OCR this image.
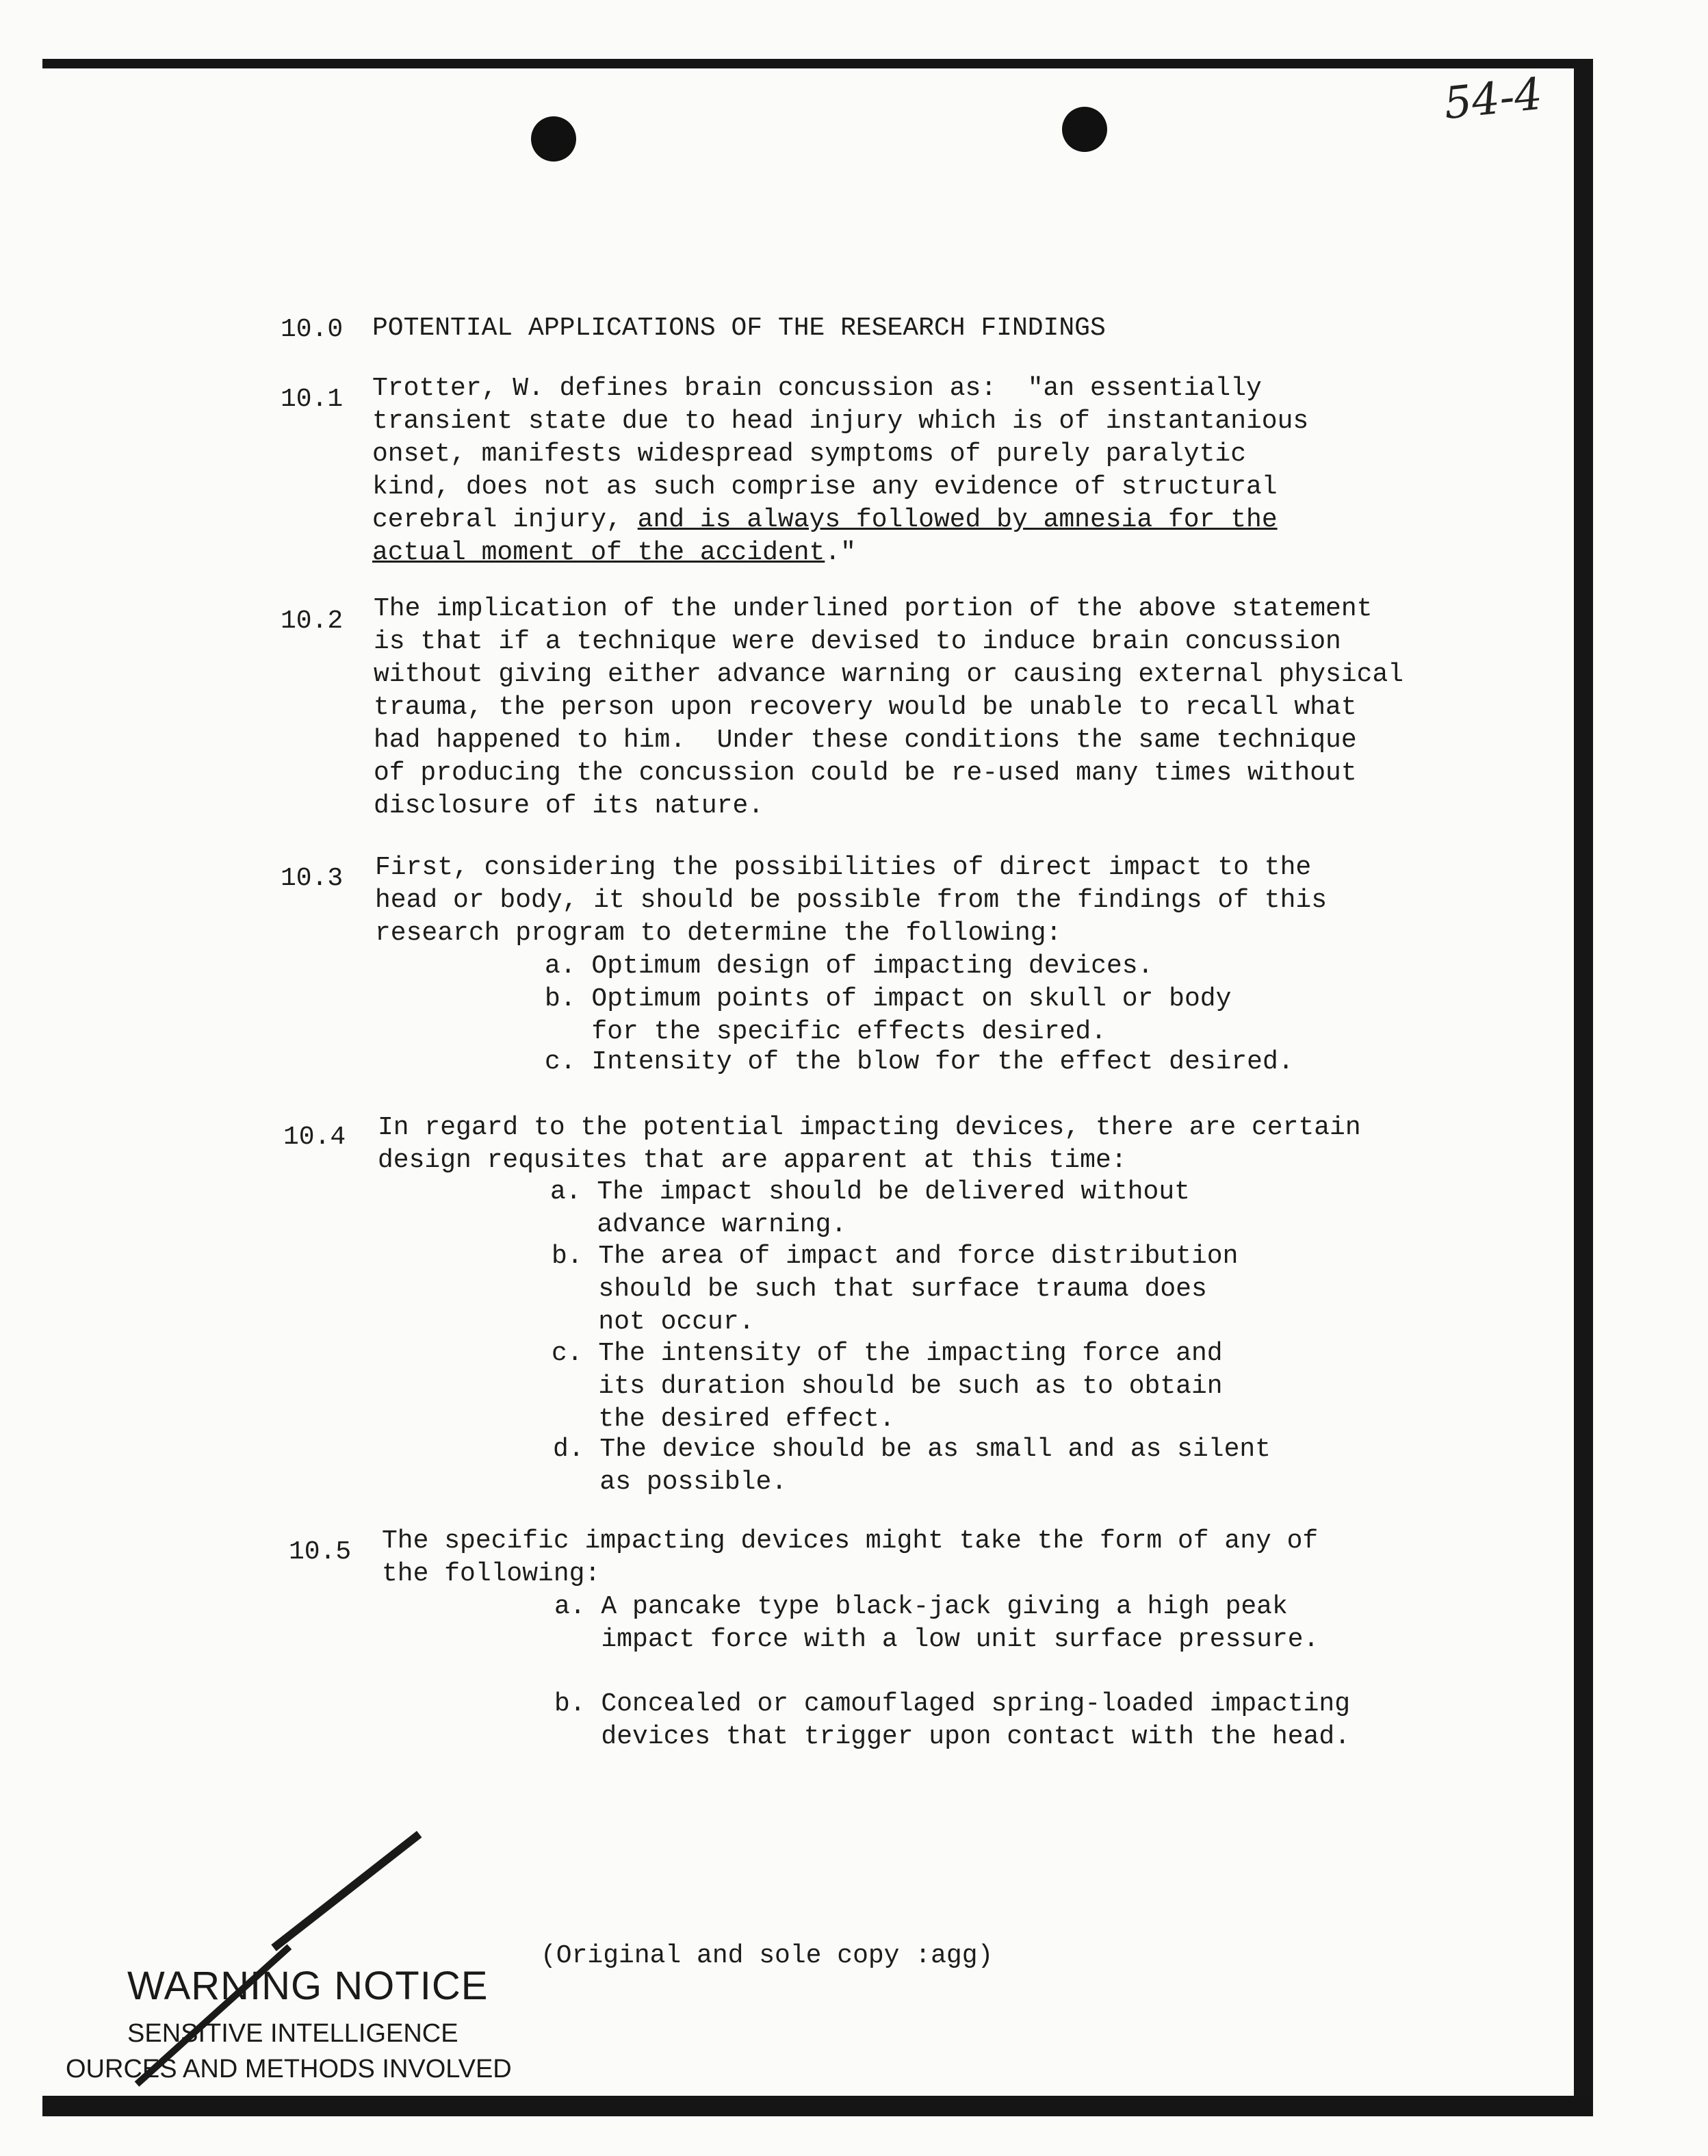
54-4
10.0 POTENTIAL APPLICATIONS OF THE RESEARCH FINDINGS
10.1 Trotter, W. defines brain concussion as:  "an essentially
transient state due to head injury which is of instantanious
onset, manifests widespread symptoms of purely paralytic
kind, does not as such comprise any evidence of structural
cerebral injury, and is always followed by amnesia for the
actual moment of the accident."
10.2 The implication of the underlined portion of the above statement
is that if a technique were devised to induce brain concussion
without giving either advance warning or causing external physical
trauma, the person upon recovery would be unable to recall what
had happened to him.  Under these conditions the same technique
of producing the concussion could be re-used many times without
disclosure of its nature.
10.3 First, considering the possibilities of direct impact to the
head or body, it should be possible from the findings of this
research program to determine the following:
a. Optimum design of impacting devices.
b. Optimum points of impact on skull or body
for the specific effects desired.
c. Intensity of the blow for the effect desired.
10.4 In regard to the potential impacting devices, there are certain
design requsites that are apparent at this time:
a. The impact should be delivered without
advance warning.
b. The area of impact and force distribution
should be such that surface trauma does
not occur.
c. The intensity of the impacting force and
its duration should be such as to obtain
the desired effect.
d. The device should be as small and as silent
as possible.
10.5 The specific impacting devices might take the form of any of
the following:
a. A pancake type black-jack giving a high peak
impact force with a low unit surface pressure.
b. Concealed or camouflaged spring-loaded impacting
devices that trigger upon contact with the head.
(Original and sole copy :agg)
WARNING NOTICE
SENSITIVE INTELLIGENCE
OURCES AND METHODS INVOLVED
